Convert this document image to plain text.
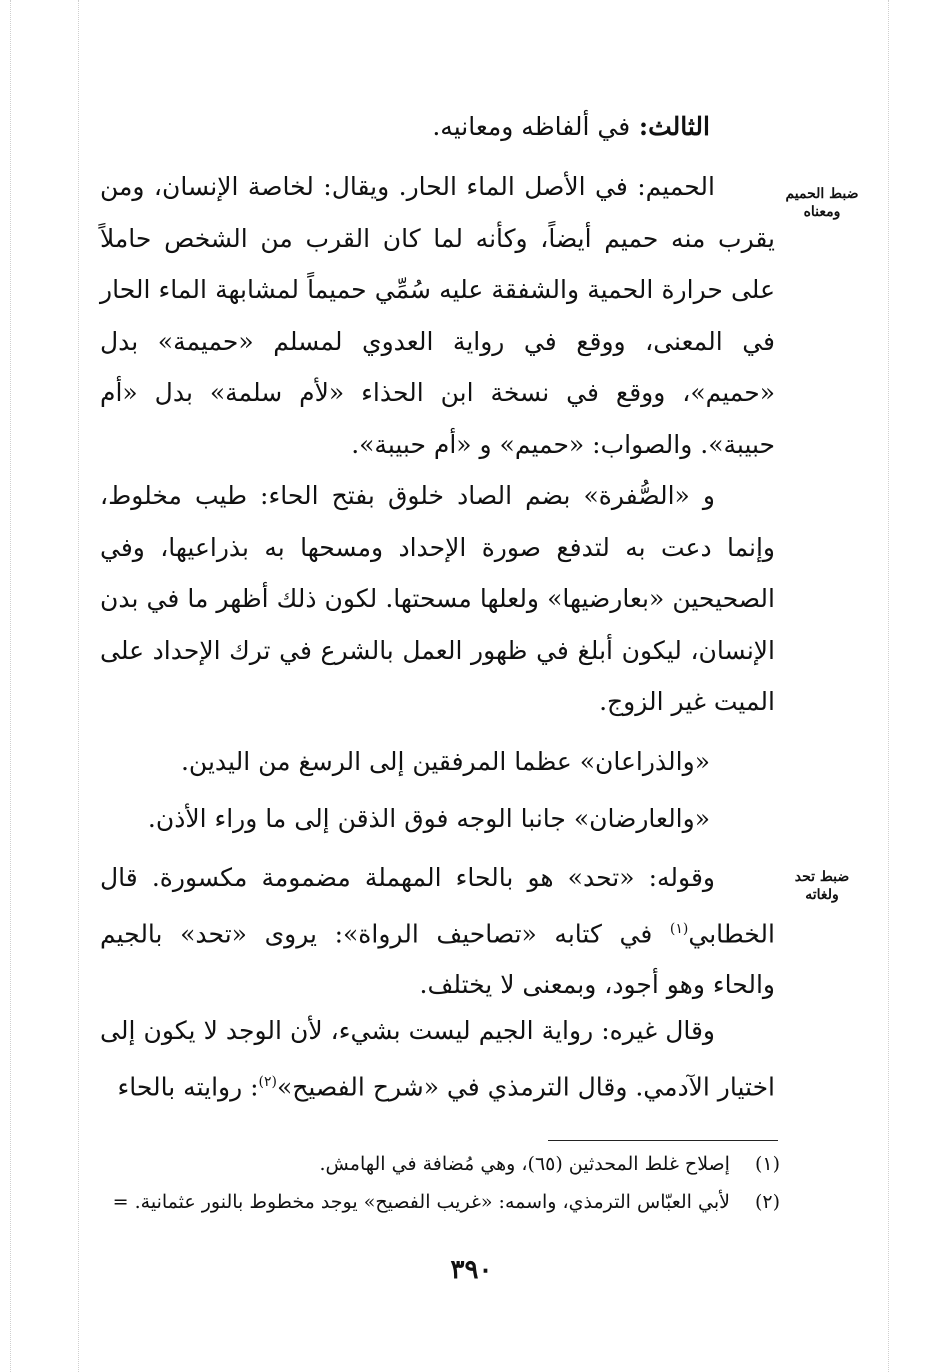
الثالث: في ألفاظه ومعانيه.
ضبط الحميم
ومعناه

الحميم: في الأصل الماء الحار. ويقال: لخاصة الإنسان، ومن يقرب منه حميم أيضاً، وكأنه لما كان القرب من الشخص حاملاً على حرارة الحمية والشفقة عليه سُمِّي حميماً لمشابهة الماء الحار في المعنى، ووقع في رواية العدوي لمسلم «حميمة» بدل «حميم»، ووقع في نسخة ابن الحذاء «لأم سلمة» بدل «أم حبيبة». والصواب: «حميم» و «أم حبيبة».

و «الصُّفرة» بضم الصاد خلوق بفتح الحاء: طيب مخلوط، وإنما دعت به لتدفع صورة الإحداد ومسحها به بذراعيها، وفي الصحيحين «بعارضيها» ولعلها مسحتها. لكون ذلك أظهر ما في بدن الإنسان، ليكون أبلغ في ظهور العمل بالشرع في ترك الإحداد على الميت غير الزوج.

«والذراعان» عظما المرفقين إلى الرسغ من اليدين.
«والعارضان» جانبا الوجه فوق الذقن إلى ما وراء الأذن.
ضبط تحد
ولغاته

وقوله: «تحد» هو بالحاء المهملة مضمومة مكسورة. قال الخطابي$^{(١)}$ في كتابه «تصاحيف الرواة»: يروى «تحد» بالجيم والحاء وهو أجود، وبمعنى لا يختلف.

وقال غيره: رواية الجيم ليست بشيء، لأن الوجد لا يكون إلى اختيار الآدمي. وقال الترمذي في «شرح الفصيح»$^{(٢)}$: روايته بالحاء

(١) إصلاح غلط المحدثين (٦٥)، وهي مُضافة في الهامش.
(٢) لأبي العبّاس الترمذي، واسمه: «غريب الفصيح» يوجد مخطوط بالنور عثمانية. =
٣٩٠
